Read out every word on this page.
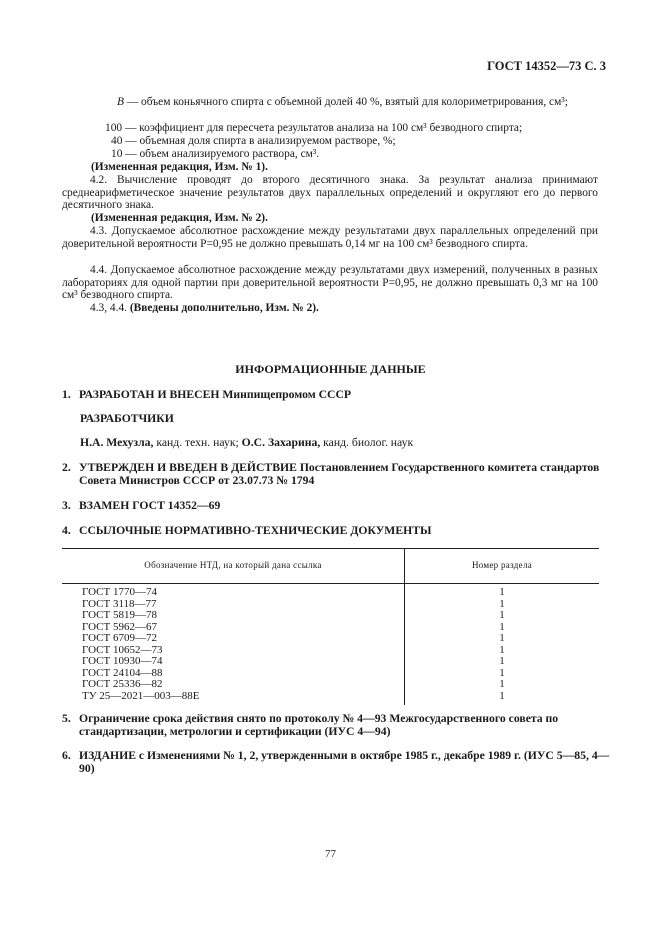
ГОСТ 14352—73 С. 3
B — объем коньячного спирта с объемной долей 40 %, взятый для колориметрирования, см³;
100 — коэффициент для пересчета результатов анализа на 100 см³ безводного спирта;
40 — объемная доля спирта в анализируемом растворе, %;
10 — объем анализируемого раствора, см³.
(Измененная редакция, Изм. № 1).
4.2. Вычисление проводят до второго десятичного знака. За результат анализа принимают среднеарифметическое значение результатов двух параллельных определений и округляют его до первого десятичного знака.
(Измененная редакция, Изм. № 2).
4.3. Допускаемое абсолютное расхождение между результатами двух параллельных определений при доверительной вероятности P=0,95 не должно превышать 0,14 мг на 100 см³ безводного спирта.
4.4. Допускаемое абсолютное расхождение между результатами двух измерений, полученных в разных лабораториях для одной партии при доверительной вероятности P=0,95, не должно превышать 0,3 мг на 100 см³ безводного спирта.
4.3, 4.4. (Введены дополнительно, Изм. № 2).
ИНФОРМАЦИОННЫЕ ДАННЫЕ
1. РАЗРАБОТАН И ВНЕСЕН Минпищепромом СССР
РАЗРАБОТЧИКИ
Н.А. Мехузла, канд. техн. наук; О.С. Захарина, канд. биолог. наук
2. УТВЕРЖДЕН И ВВЕДЕН В ДЕЙСТВИЕ Постановлением Государственного комитета стандартов Совета Министров СССР от 23.07.73 № 1794
3. ВЗАМЕН ГОСТ 14352—69
4. ССЫЛОЧНЫЕ НОРМАТИВНО-ТЕХНИЧЕСКИЕ ДОКУМЕНТЫ
Обозначение НТД, на который дана ссылка	Номер раздела
ГОСТ 1770—74	1
ГОСТ 3118—77	1
ГОСТ 5819—78	1
ГОСТ 5962—67	1
ГОСТ 6709—72	1
ГОСТ 10652—73	1
ГОСТ 10930—74	1
ГОСТ 24104—88	1
ГОСТ 25336—82	1
ТУ 25—2021—003—88Е	1
5. Ограничение срока действия снято по протоколу № 4—93 Межгосударственного совета по стандартизации, метрологии и сертификации (ИУС 4—94)
6. ИЗДАНИЕ с Изменениями № 1, 2, утвержденными в октябре 1985 г., декабре 1989 г. (ИУС 5—85, 4—90)
77
